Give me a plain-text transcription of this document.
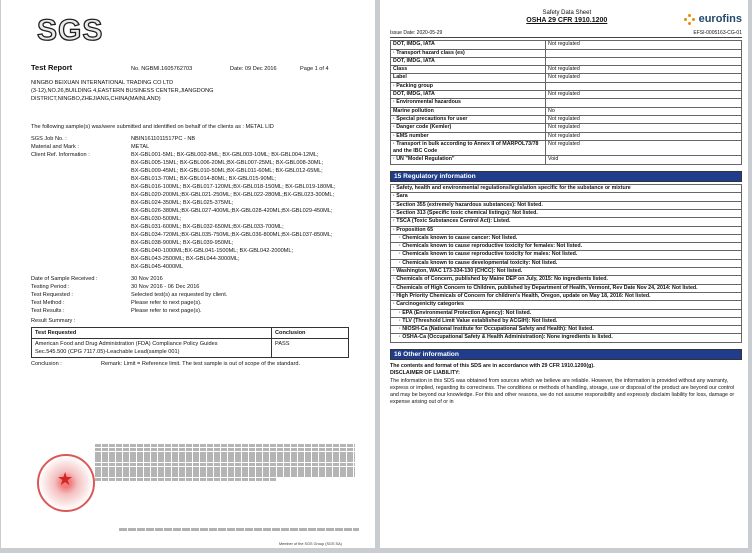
SGS
Test Report	No. NGBMI.1605762703	Date: 09 Dec 2016	Page 1 of 4
NINGBO BEIXUAN INTERNATIONAL TRADING CO LTD
(3-12),NO.26,BUILDING 4,EASTERN BUSINESS CENTER,JIANGDONG
DISTRICT,NINGBO,ZHEJIANG,CHINA(MAINLAND)
The following sample(s) was/were submitted and identified on behalf of the clients as : METAL LID
SGS Job No. :	NBIN1611011517PC - NB
Material and Mark :	METAL
Client Ref. Information :	BX-GBL001-5ML; BX-GBL002-8ML; BX-GBL003-10ML; BX-GBL004-12ML;
BX-GBL005-15ML; BX-GBL006-20ML;BX-GBL007-25ML; BX-GBL008-30ML;
BX-GBL009-45ML; BX-GBL010-50ML;BX-GBL011-60ML; BX-GBL012-65ML;
BX-GBL013-70ML; BX-GBL014-80ML; BX-GBL015-90ML;
BX-GBL016-100ML; BX-GBL017-120ML;BX-GBL018-150ML; BX-GBL019-180ML;
BX-GBL020-200ML;BX-GBL021-250ML; BX-GBL022-280ML;BX-GBL023-300ML;
BX-GBL024-350ML; BX-GBL025-375ML;
BX-GBL026-380ML;BX-GBL027-400ML;BX-GBL028-420ML;BX-GBL029-450ML;
BX-GBL030-500ML;
BX-GBL031-600ML; BX-GBL032-650ML;BX-GBL033-700ML;
BX-GBL034-720ML;BX-GBL035-750ML;BX-GBL036-800ML;BX-GBL037-850ML;
BX-GBL038-900ML; BX-GBL039-950ML;
BX-GBL040-1000ML;BX-GBL041-1500ML; BX-GBL042-2000ML;
BX-GBL043-2500ML; BX-GBL044-3000ML;
BX-GBL045-4000ML
Date of Sample Received :	30 Nov 2016
Testing Period :	30 Nov 2016 - 06 Dec 2016
Test Requested :	Selected test(s) as requested by client.
Test Method :	Please refer to next page(s).
Test Results :	Please refer to next page(s).
Result Summary :
Test Requested	Conclusion

American Food and Drug Administration (FDA) Compliance Policy Guides
Sec.545.500 (CPG 7117.05)-Leachable Lead(sample 001)	PASS
Conclusion :	Remark: Limit = Reference limit. The test sample is out of scope of the standard.
★
Member of the SGS Group (SGS SA)
Safety Data Sheet
OSHA 29 CFR 1910.1200	eurofins
Issue Date: 2020-05-29	EFSI-0005163-CG-01
DOT, IMDG, IATA	Not regulated
· Transport hazard class (es)	
DOT, IMDG, IATA	
Class	Not regulated
Label	Not regulated
· Packing group	
DOT, IMDG, IATA	Not regulated
· Environmental hazardous	
Marine pollution	No
· Special precautions for user	Not regulated
· Danger code (Kemler)	Not regulated
· EMS number	Not regulated
· Transport in bulk according to Annex II of MARPOL73/78 and the IBC Code	Not regulated
· UN "Model Regulation"	Void
15 Regulatory information
· Safety, health and environmental regulations/legislation specific for the substance or mixture
· Sara
· Section 355 (extremely hazardous substances): Not listed.
· Section 313 (Specific toxic chemical listings): Not listed.
· TSCA (Toxic Substances Control Act): Listed.
· Proposition 65
· Chemicals known to cause cancer: Not listed.
· Chemicals known to cause reproductive toxicity for females: Not listed.
· Chemicals known to cause reproductive toxicity for males: Not listed.
· Chemicals known to cause developmental toxicity: Not listed.
· Washington, WAC 173-334-130 (CHCC): Not listed.
· Chemicals of Concern, published by Maine DEP on July, 2015: No ingredients listed.
· Chemicals of High Concern to Children, published by Department of Health, Vermont, Rev Date Nov 24, 2014: Not listed.
· High Priority Chemicals of Concern for children's Health, Oregon, update on May 18, 2016: Not listed.
· Carcinogenicity categories
· EPA (Environmental Protection Agency): Not listed.
· TLV (Threshold Limit Value established by ACGIH): Not listed.
· NIOSH-Ca (National Institute for Occupational Safety and Health): Not listed.
· OSHA-Ca (Occupational Safety & Health Administration): None ingredients is listed.
16 Other information
The contents and format of this SDS are in accordance with 29 CFR 1910.1200(g).
DISCLAIMER OF LIABILITY:
The information in this SDS was obtained from sources which we believe are reliable. However, the information is provided without any warranty, express or implied, regarding its correctness. The conditions or methods of handling, storage, use or disposal of the product are beyond our control and may be beyond our knowledge. For this and other reasons, we do not assume responsibility and expressly disclaim liability for loss, damage or expense arising out of or in
